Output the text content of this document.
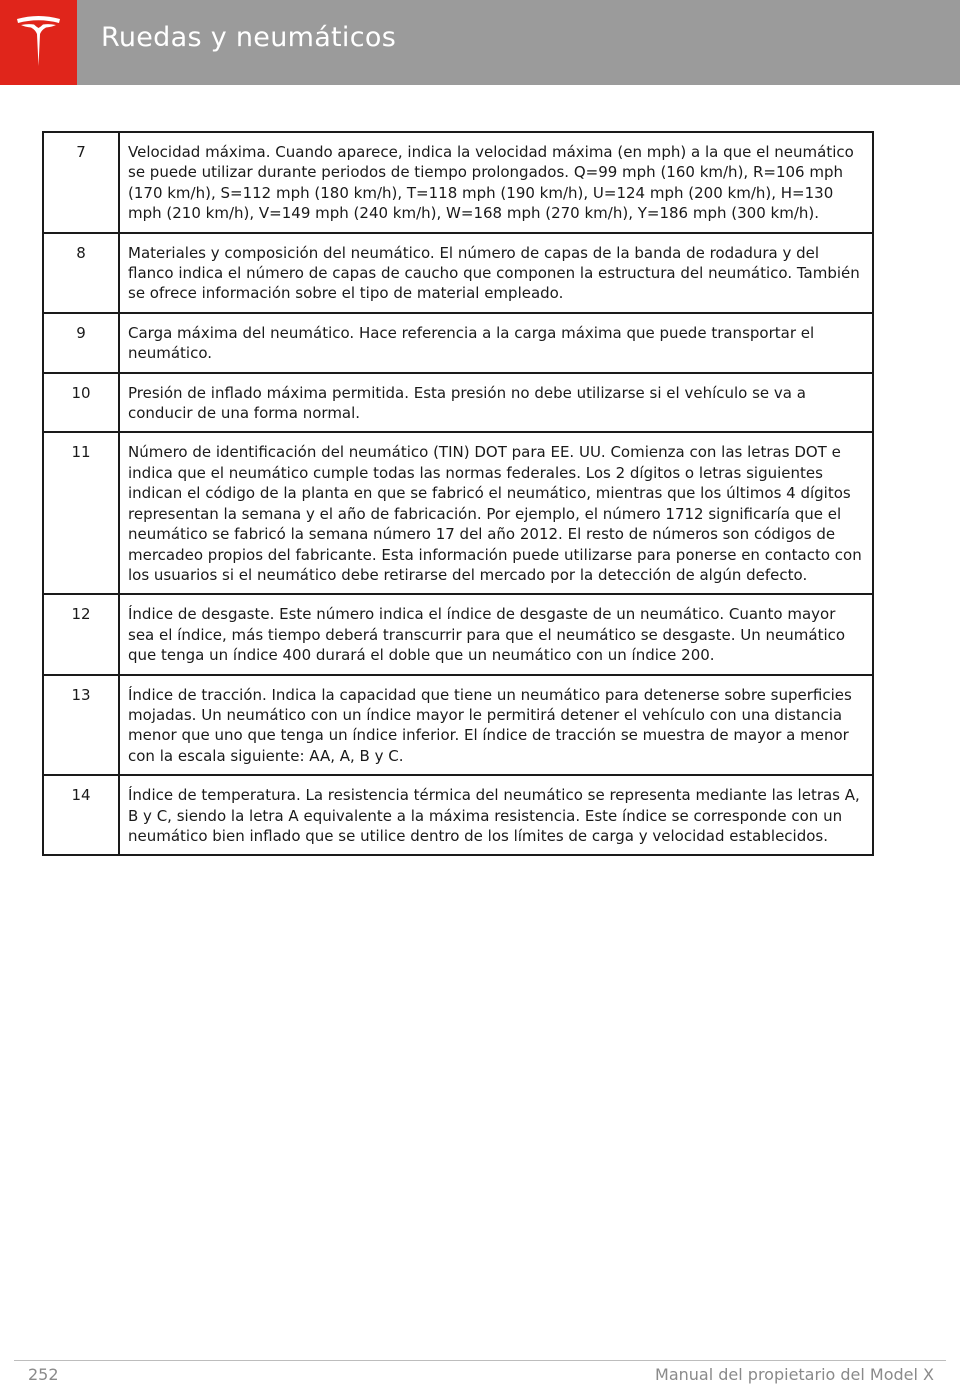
Ruedas y neumáticos
7	Velocidad máxima. Cuando aparece, indica la velocidad máxima (en mph) a la que el neumático se puede utilizar durante periodos de tiempo prolongados. Q=99 mph (160 km/h), R=106 mph (170 km/h), S=112 mph (180 km/h), T=118 mph (190 km/h), U=124 mph (200 km/h), H=130 mph (210 km/h), V=149 mph (240 km/h), W=168 mph (270 km/h), Y=186 mph (300 km/h).
8	Materiales y composición del neumático. El número de capas de la banda de rodadura y del flanco indica el número de capas de caucho que componen la estructura del neumático. También se ofrece información sobre el tipo de material empleado.
9	Carga máxima del neumático. Hace referencia a la carga máxima que puede transportar el neumático.
10	Presión de inflado máxima permitida. Esta presión no debe utilizarse si el vehículo se va a conducir de una forma normal.
11	Número de identificación del neumático (TIN) DOT para EE. UU. Comienza con las letras DOT e indica que el neumático cumple todas las normas federales. Los 2 dígitos o letras siguientes indican el código de la planta en que se fabricó el neumático, mientras que los últimos 4 dígitos representan la semana y el año de fabricación. Por ejemplo, el número 1712 significaría que el neumático se fabricó la semana número 17 del año 2012. El resto de números son códigos de mercadeo propios del fabricante. Esta información puede utilizarse para ponerse en contacto con los usuarios si el neumático debe retirarse del mercado por la detección de algún defecto.
12	Índice de desgaste. Este número indica el índice de desgaste de un neumático. Cuanto mayor sea el índice, más tiempo deberá transcurrir para que el neumático se desgaste. Un neumático que tenga un índice 400 durará el doble que un neumático con un índice 200.
13	Índice de tracción. Indica la capacidad que tiene un neumático para detenerse sobre superficies mojadas. Un neumático con un índice mayor le permitirá detener el vehículo con una distancia menor que uno que tenga un índice inferior. El índice de tracción se muestra de mayor a menor con la escala siguiente: AA, A, B y C.
14	Índice de temperatura. La resistencia térmica del neumático se representa mediante las letras A, B y C, siendo la letra A equivalente a la máxima resistencia. Este índice se corresponde con un neumático bien inflado que se utilice dentro de los límites de carga y velocidad establecidos.
252	Manual del propietario del Model X
